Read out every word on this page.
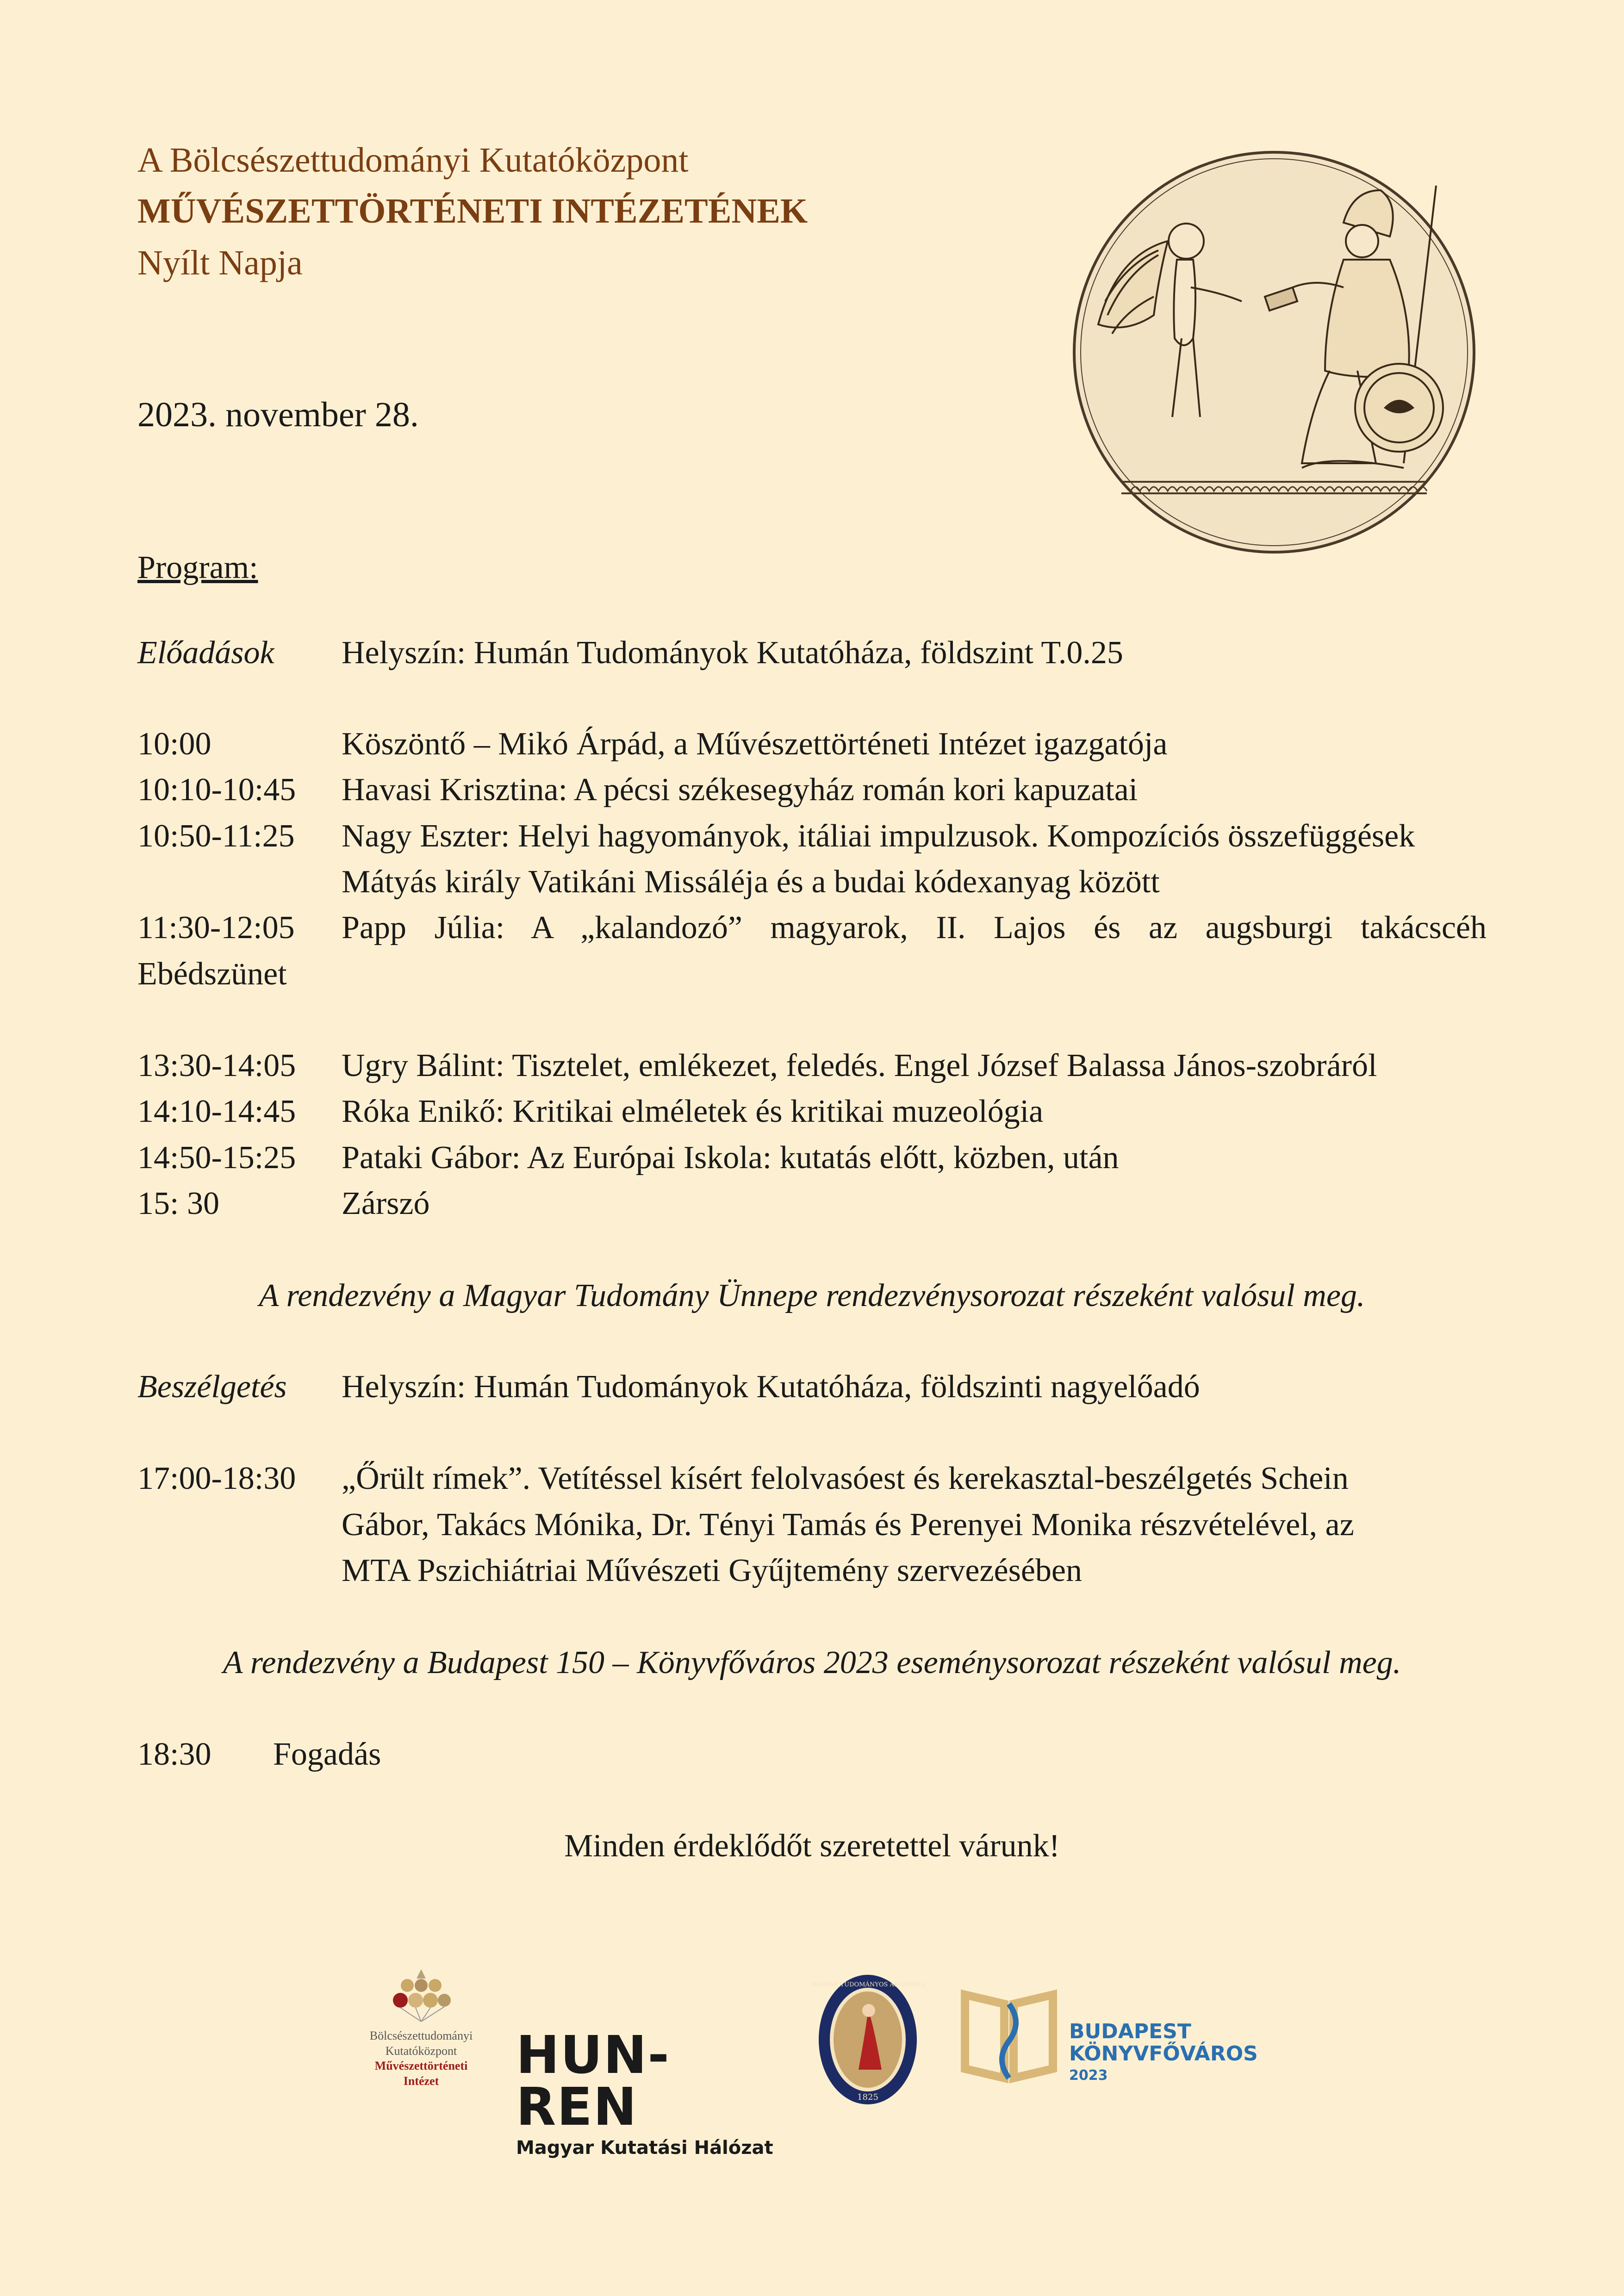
A Bölcsészettudományi Kutatóközpont
MŰVÉSZETTÖRTÉNETI INTÉZETÉNEK
Nyílt Napja
2023. november 28.
Program:
Előadások Helyszín: Humán Tudományok Kutatóháza, földszint T.0.25
10:00	Köszöntő – Mikó Árpád, a Művészettörténeti Intézet igazgatója
10:10-10:45 Havasi Krisztina: A pécsi székesegyház román kori kapuzatai
10:50-11:25 Nagy Eszter: Helyi hagyományok, itáliai impulzusok. Kompozíciós összefüggések
Mátyás király Vatikáni Missáléja és a budai kódexanyag között
11:30-12:05 Papp Júlia: A „kalandozó” magyarok, II. Lajos és az augsburgi takácscéh
Ebédszünet
13:30-14:05 Ugry Bálint: Tisztelet, emlékezet, feledés. Engel József Balassa János-szobráról
14:10-14:45 Róka Enikő: Kritikai elméletek és kritikai muzeológia
14:50-15:25 Pataki Gábor: Az Európai Iskola: kutatás előtt, közben, után
15: 30	Zárszó
A rendezvény a Magyar Tudomány Ünnepe rendezvénysorozat részeként valósul meg.
Beszélgetés Helyszín: Humán Tudományok Kutatóháza, földszinti nagyelőadó
17:00-18:30 „Őrült rímek”. Vetítéssel kísért felolvasóest és kerekasztal-beszélgetés Schein
Gábor, Takács Mónika, Dr. Tényi Tamás és Perenyei Monika részvételével, az
MTA Pszichiátriai Művészeti Gyűjtemény szervezésében
A rendezvény a Budapest 150 – Könyvfőváros 2023 eseménysorozat részeként valósul meg.
18:30 Fogadás
Minden érdeklődőt szeretettel várunk!
Bölcsészettudományi
Kutatóközpont
Művészettörténeti
Intézet	HUN-REN
Magyar Kutatási Hálózat
1825
MAGYAR TUDOMÁNYOS AKADÉMIA
BUDAPEST
KÖNYVFŐVÁROS
2023
